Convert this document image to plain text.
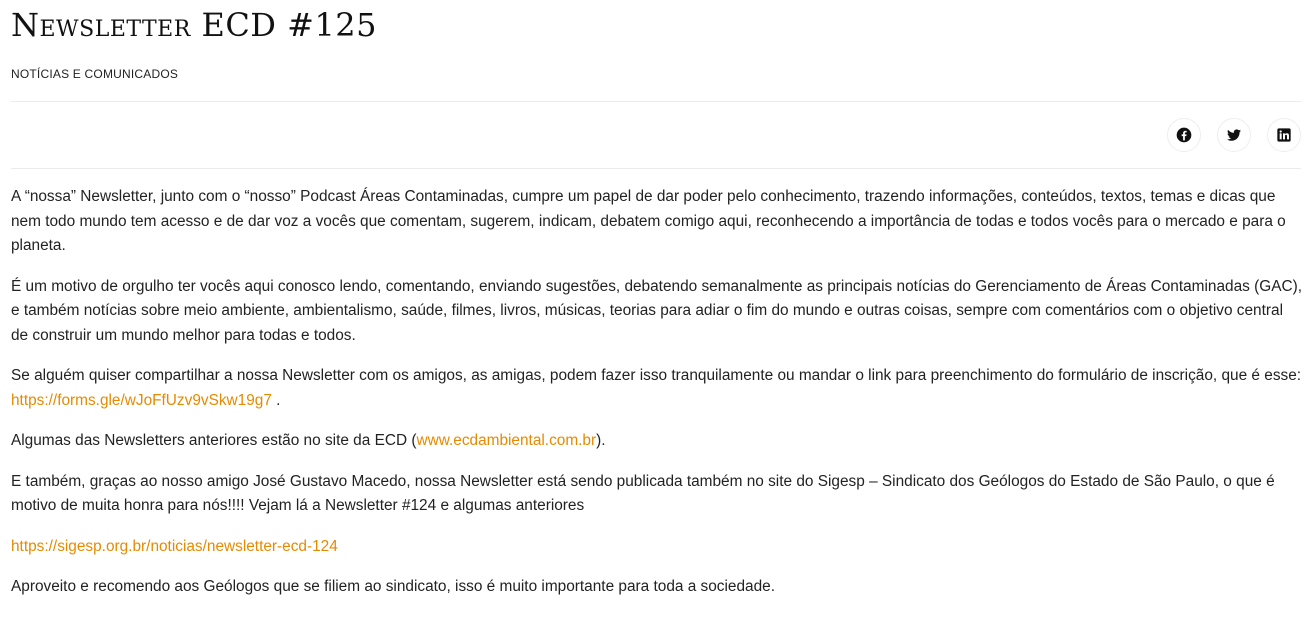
Newsletter ECD #125
NOTÍCIAS E COMUNICADOS

A “nossa” Newsletter, junto com o “nosso” Podcast Áreas Contaminadas, cumpre um papel de dar poder pelo conhecimento, trazendo informações, conteúdos, textos, temas e dicas que nem todo mundo tem acesso e de dar voz a vocês que comentam, sugerem, indicam, debatem comigo aqui, reconhecendo a importância de todas e todos vocês para o mercado e para o planeta.

É um motivo de orgulho ter vocês aqui conosco lendo, comentando, enviando sugestões, debatendo semanalmente as principais notícias do Gerenciamento de Áreas Contaminadas (GAC), e também notícias sobre meio ambiente, ambientalismo, saúde, filmes, livros, músicas, teorias para adiar o fim do mundo e outras coisas, sempre com comentários com o objetivo central de construir um mundo melhor para todas e todos.

Se alguém quiser compartilhar a nossa Newsletter com os amigos, as amigas, podem fazer isso tranquilamente ou mandar o link para preenchimento do formulário de inscrição, que é esse: https://forms.gle/wJoFfUzv9vSkw19g7 .

Algumas das Newsletters anteriores estão no site da ECD (www.ecdambiental.com.br).

E também, graças ao nosso amigo José Gustavo Macedo, nossa Newsletter está sendo publicada também no site do Sigesp – Sindicato dos Geólogos do Estado de São Paulo, o que é motivo de muita honra para nós!!!! Vejam lá a Newsletter #124 e algumas anteriores

https://sigesp.org.br/noticias/newsletter-ecd-124

Aproveito e recomendo aos Geólogos que se filiem ao sindicato, isso é muito importante para toda a sociedade.
